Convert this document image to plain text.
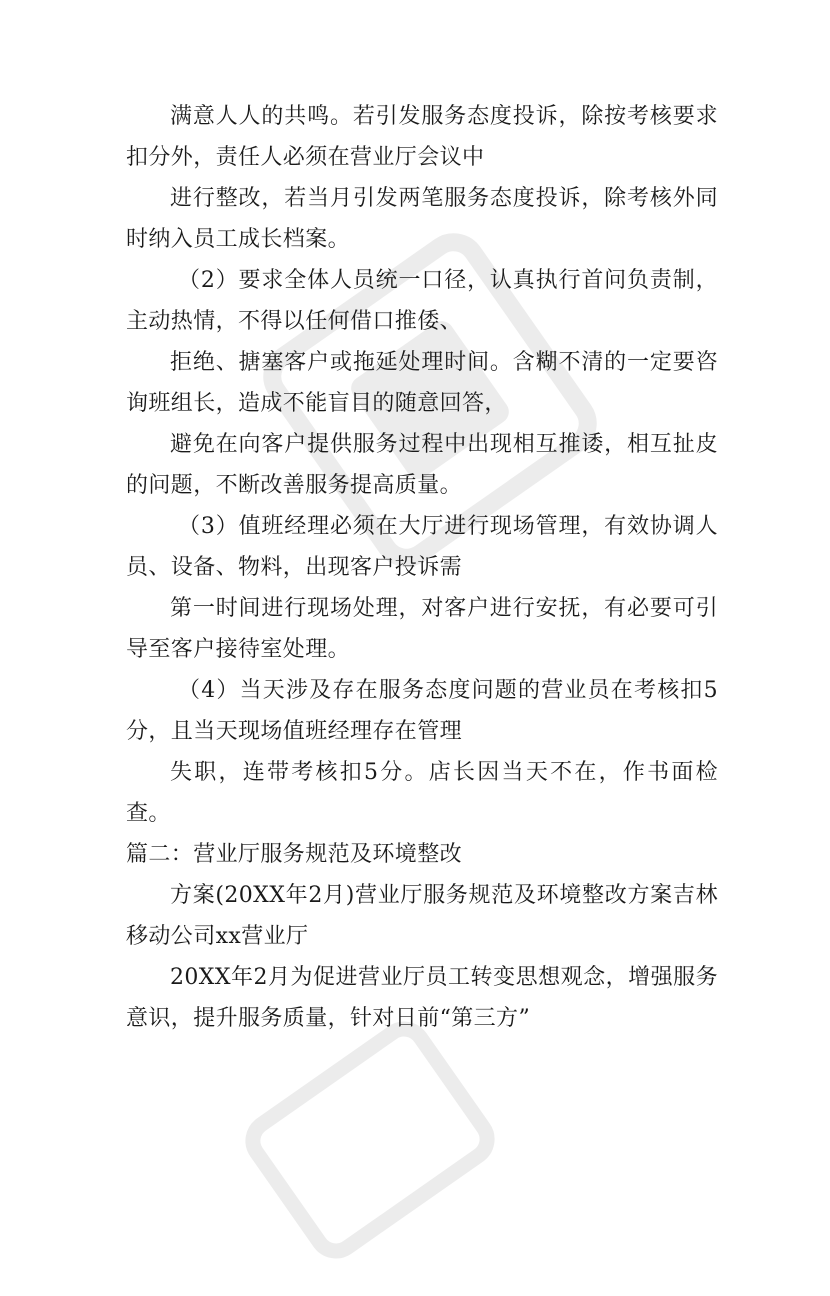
满意人人的共鸣。若引发服务态度投诉，除按考核要求扣分外，责任人必须在营业厅会议中

进行整改，若当月引发两笔服务态度投诉，除考核外同时纳入员工成长档案。

（2）要求全体人员统一口径，认真执行首问负责制，主动热情，不得以任何借口推倭、

拒绝、搪塞客户或拖延处理时间。含糊不清的一定要咨询班组长，造成不能盲目的随意回答，

避免在向客户提供服务过程中出现相互推诿，相互扯皮的问题，不断改善服务提高质量。

（3）值班经理必须在大厅进行现场管理，有效协调人员、设备、物料，出现客户投诉需

第一时间进行现场处理，对客户进行安抚，有必要可引导至客户接待室处理。

（4）当天涉及存在服务态度问题的营业员在考核扣5分，且当天现场值班经理存在管理

失职，连带考核扣5分。店长因当天不在，作书面检查。

篇二：营业厅服务规范及环境整改

方案(20XX年2月)营业厅服务规范及环境整改方案吉林移动公司xx营业厅

20XX年2月为促进营业厅员工转变思想观念，增强服务意识，提升服务质量，针对日前“第三方”
